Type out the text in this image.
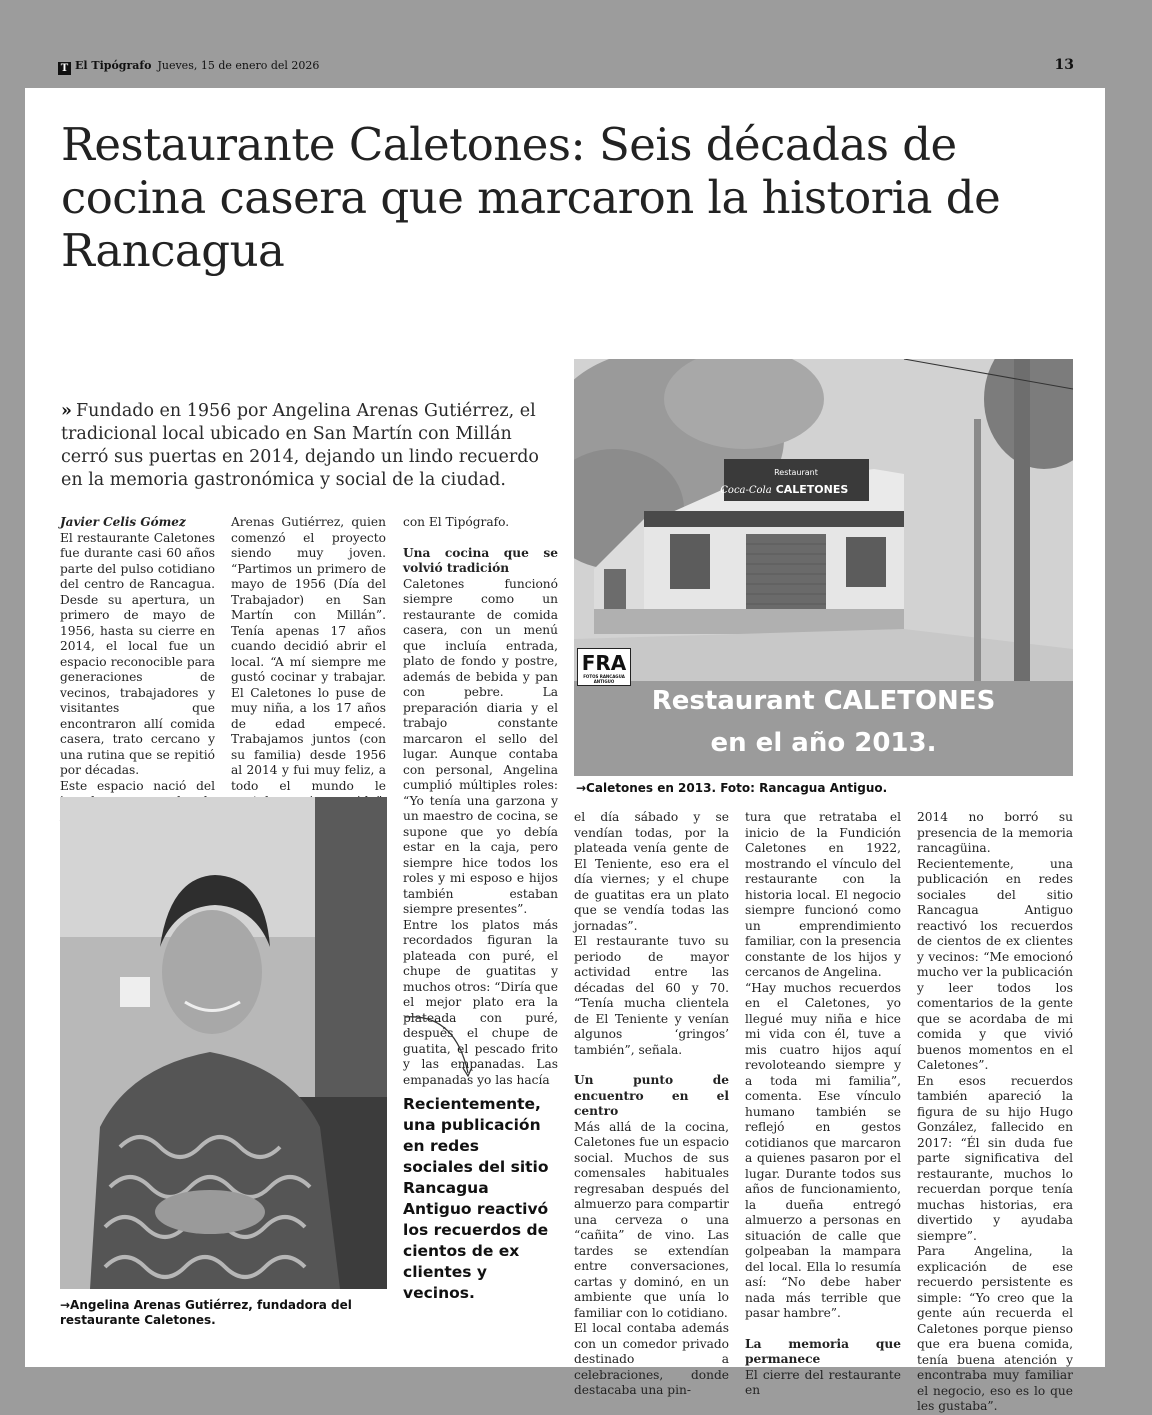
T El Tipógrafo Jueves, 15 de enero del 2026	13
Restaurante Caletones: Seis décadas de cocina casera que marcaron la historia de Rancagua
Restaurant
CALETONES
Coca-Cola
FRA
FOTOS RANCAGUA ANTIGUO
Restaurant CALETONES
en el año 2013.
→Caletones en 2013. Foto: Rancagua Antiguo.

» Fundado en 1956 por Angelina Arenas Gutiérrez, el tradicional local ubicado en San Martín con Millán cerró sus puertas en 2014, dejando un lindo recuerdo en la memoria gastronómica y social de la ciudad.

Javier Celis Gómez

El restaurante Caletones fue durante casi 60 años parte del pulso cotidiano del centro de Rancagua. Desde su apertura, un primero de mayo de 1956, hasta su cierre en 2014, el local fue un espacio reconocible para generaciones de vecinos, trabajadores y visitantes que encontraron allí comida casera, trato cercano y una rutina que se repitió por décadas.

Este espacio nació del

Arenas Gutiérrez, quien comenzó el proyecto siendo muy joven. “Partimos un primero de mayo de 1956 (Día del Trabajador) en San Martín con Millán”. Tenía apenas 17 años cuando decidió abrir el local. “A mí siempre me gustó cocinar y trabajar. El Caletones lo puse de muy niña, a los 17 años de edad empecé. Trabajamos juntos (con su familia) desde 1956 al 2014 y fui muy feliz, a todo el mundo le

con El Tipógrafo.

Una cocina que se volvió tradición

Caletones funcionó siempre como un restaurante de comida casera, con un menú que incluía entrada, plato de fondo y postre, además de bebida y pan con pebre. La preparación diaria y el trabajo constante marcaron el sello del lugar. Aunque contaba con personal, Angelina cumplió múltiples roles: “Yo tenía una garzona y un maestro de cocina, se supone que yo debía estar en la caja, pero siempre hice todos los roles y mi esposo e hijos también estaban siempre presentes”.

Entre los platos más recordados figuran la plateada con puré, el chupe de guatitas y muchos otros: “Diría que el mejor plato era la plateada con puré, después el chupe de guatita, el pescado frito y las empanadas. Las empanadas yo las hacía

→Angelina Arenas Gutiérrez, fundadora del restaurante Caletones.
Recientemente, una publicación en redes sociales del sitio Rancagua Antiguo reactivó los recuerdos de cientos de ex clientes y vecinos.

el día sábado y se vendían todas, por la plateada venía gente de El Teniente, eso era el día viernes; y el chupe de guatitas era un plato que se vendía todas las jornadas”.

El restaurante tuvo su periodo de mayor actividad entre las décadas del 60 y 70. “Tenía mucha clientela de El Teniente y venían algunos ‘gringos’ también”, señala.

Un punto de encuentro en el centro

Más allá de la cocina, Caletones fue un espacio social. Muchos de sus comensales habituales regresaban después del almuerzo para compartir una cerveza o una “cañita” de vino. Las tardes se extendían entre conversaciones, cartas y dominó, en un ambiente que unía lo familiar con lo cotidiano.

El local contaba además con un comedor privado destinado a celebraciones, donde destacaba una pin-

tura que retrataba el inicio de la Fundición Caletones en 1922, mostrando el vínculo del restaurante con la historia local. El negocio siempre funcionó como un emprendimiento familiar, con la presencia constante de los hijos y cercanos de Angelina.

“Hay muchos recuerdos en el Caletones, yo llegué muy niña e hice mi vida con él, tuve a mis cuatro hijos aquí revoloteando siempre y a toda mi familia”, comenta. Ese vínculo humano también se reflejó en gestos cotidianos que marcaron a quienes pasaron por el lugar. Durante todos sus años de funcionamiento, la dueña entregó almuerzo a personas en situación de calle que golpeaban la mampara del local. Ella lo resumía así: “No debe haber nada más terrible que pasar hambre”.

La memoria que permanece

El cierre del restaurante en

2014 no borró su presencia de la memoria rancagüina. Recientemente, una publicación en redes sociales del sitio Rancagua Antiguo reactivó los recuerdos de cientos de ex clientes y vecinos: “Me emocionó mucho ver la publicación y leer todos los comentarios de la gente que se acordaba de mi comida y que vivió buenos momentos en el Caletones”.

En esos recuerdos también apareció la figura de su hijo Hugo González, fallecido en 2017: “Él sin duda fue parte significativa del restaurante, muchos lo recuerdan porque tenía muchas historias, era divertido y ayudaba siempre”.

Para Angelina, la explicación de ese recuerdo persistente es simple: “Yo creo que la gente aún recuerda el Caletones porque pienso que era buena comida, tenía buena atención y encontraba muy familiar el negocio, eso es lo que les gustaba”.
